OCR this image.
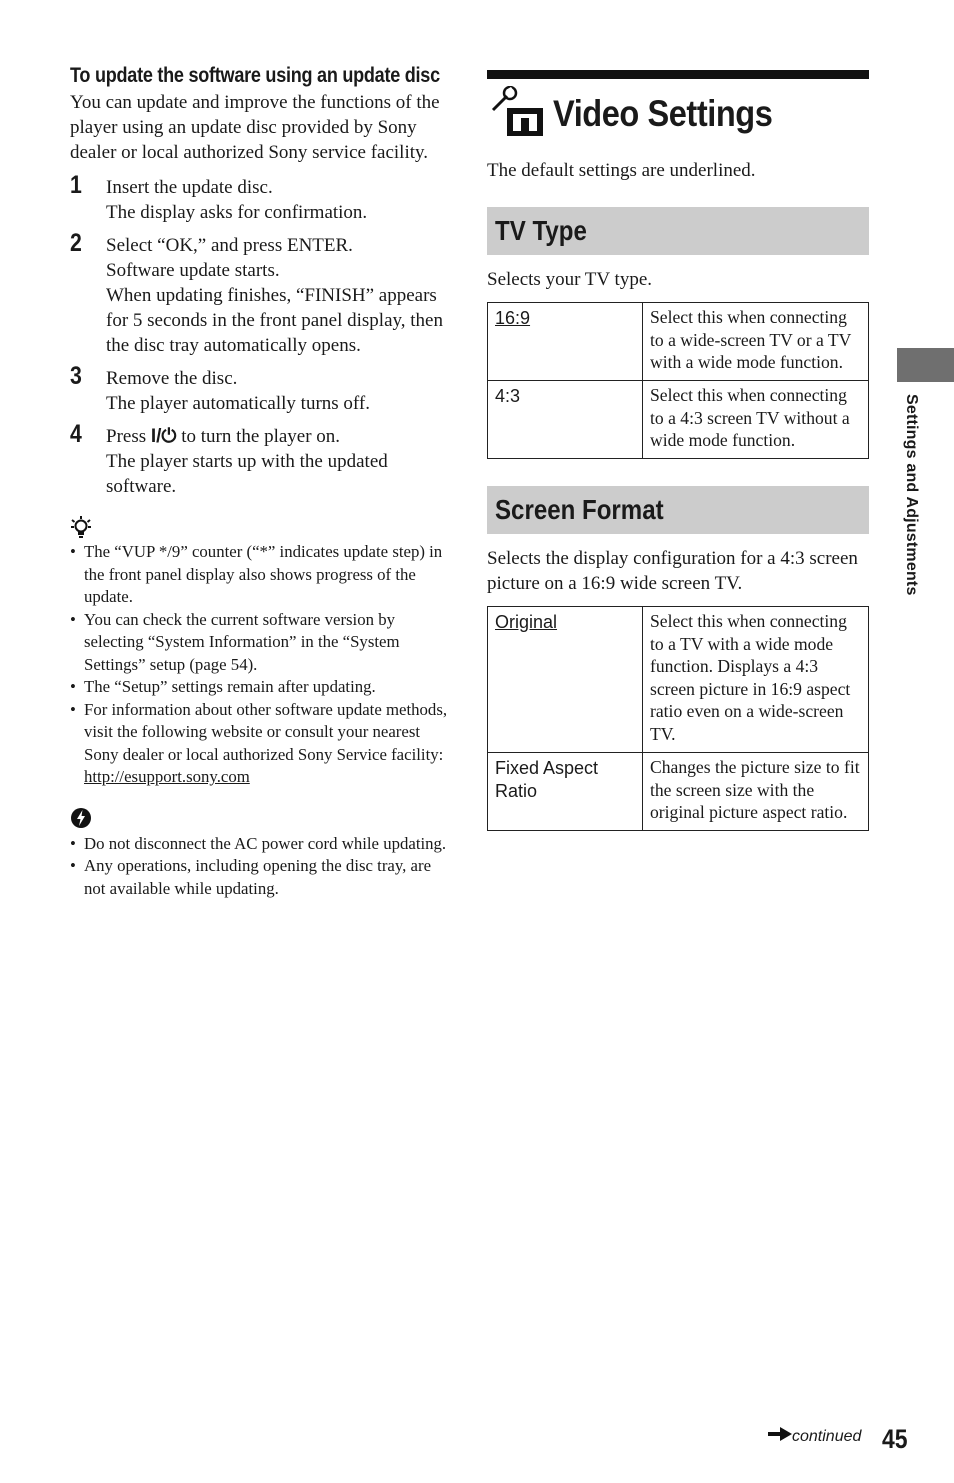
To update the software using an update disc

You can update and improve the functions of the player using an update disc provided by Sony dealer or local authorized Sony service facility.

1 Insert the update disc.

The display asks for confirmation.

2 Select “OK,” and press ENTER.

Software update starts.

When updating finishes, “FINISH” appears for 5 seconds in the front panel display, then the disc tray automatically opens.

3 Remove the disc.

The player automatically turns off.

4 Press I/⏻ to turn the player on.

The player starts up with the updated software.

• The “VUP */9” counter (“*” indicates update step) in the front panel display also shows progress of the update.
• You can check the current software version by selecting “System Information” in the “System Settings” setup (page 54).
• The “Setup” settings remain after updating.
• For information about other software update methods, visit the following website or consult your nearest Sony dealer or local authorized Sony Service facility:
http://esupport.sony.com
• Do not disconnect the AC power cord while updating.
• Any operations, including opening the disc tray, are not available while updating.
Video Settings

The default settings are underlined.

TV Type

Selects your TV type.

16:9	Select this when connecting to a wide-screen TV or a TV with a wide mode function.
4:3	Select this when connecting to a 4:3 screen TV without a wide mode function.
Screen Format

Selects the display configuration for a 4:3 screen picture on a 16:9 wide screen TV.

Original	Select this when connecting to a TV with a wide mode function. Displays a 4:3 screen picture in 16:9 aspect ratio even on a wide-screen TV.
Fixed Aspect Ratio	Changes the picture size to fit the screen size with the original picture aspect ratio.
Settings and Adjustments
continued 45
